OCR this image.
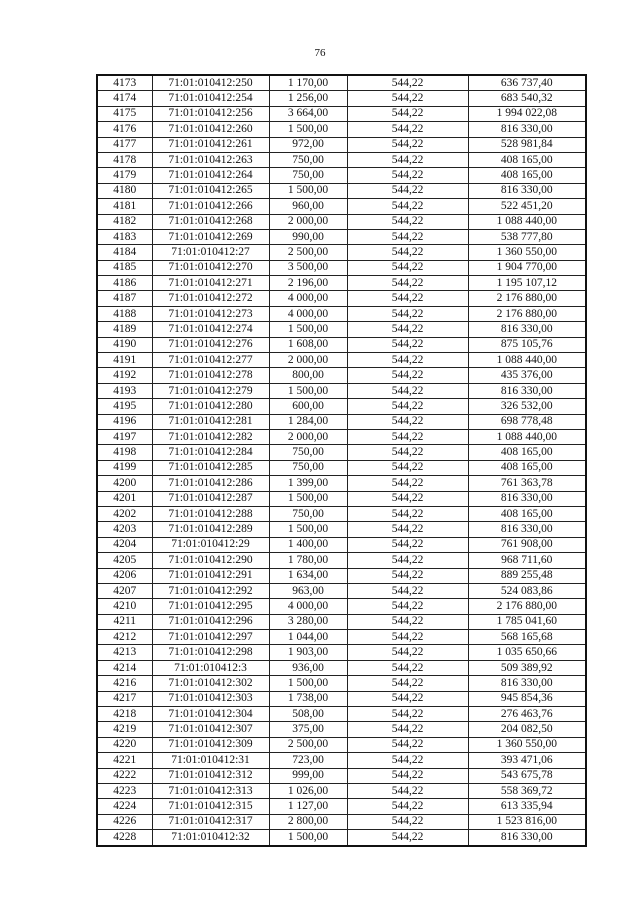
76
4173	71:01:010412:250	1 170,00	544,22	636 737,40
4174	71:01:010412:254	1 256,00	544,22	683 540,32
4175	71:01:010412:256	3 664,00	544,22	1 994 022,08
4176	71:01:010412:260	1 500,00	544,22	816 330,00
4177	71:01:010412:261	972,00	544,22	528 981,84
4178	71:01:010412:263	750,00	544,22	408 165,00
4179	71:01:010412:264	750,00	544,22	408 165,00
4180	71:01:010412:265	1 500,00	544,22	816 330,00
4181	71:01:010412:266	960,00	544,22	522 451,20
4182	71:01:010412:268	2 000,00	544,22	1 088 440,00
4183	71:01:010412:269	990,00	544,22	538 777,80
4184	71:01:010412:27	2 500,00	544,22	1 360 550,00
4185	71:01:010412:270	3 500,00	544,22	1 904 770,00
4186	71:01:010412:271	2 196,00	544,22	1 195 107,12
4187	71:01:010412:272	4 000,00	544,22	2 176 880,00
4188	71:01:010412:273	4 000,00	544,22	2 176 880,00
4189	71:01:010412:274	1 500,00	544,22	816 330,00
4190	71:01:010412:276	1 608,00	544,22	875 105,76
4191	71:01:010412:277	2 000,00	544,22	1 088 440,00
4192	71:01:010412:278	800,00	544,22	435 376,00
4193	71:01:010412:279	1 500,00	544,22	816 330,00
4195	71:01:010412:280	600,00	544,22	326 532,00
4196	71:01:010412:281	1 284,00	544,22	698 778,48
4197	71:01:010412:282	2 000,00	544,22	1 088 440,00
4198	71:01:010412:284	750,00	544,22	408 165,00
4199	71:01:010412:285	750,00	544,22	408 165,00
4200	71:01:010412:286	1 399,00	544,22	761 363,78
4201	71:01:010412:287	1 500,00	544,22	816 330,00
4202	71:01:010412:288	750,00	544,22	408 165,00
4203	71:01:010412:289	1 500,00	544,22	816 330,00
4204	71:01:010412:29	1 400,00	544,22	761 908,00
4205	71:01:010412:290	1 780,00	544,22	968 711,60
4206	71:01:010412:291	1 634,00	544,22	889 255,48
4207	71:01:010412:292	963,00	544,22	524 083,86
4210	71:01:010412:295	4 000,00	544,22	2 176 880,00
4211	71:01:010412:296	3 280,00	544,22	1 785 041,60
4212	71:01:010412:297	1 044,00	544,22	568 165,68
4213	71:01:010412:298	1 903,00	544,22	1 035 650,66
4214	71:01:010412:3	936,00	544,22	509 389,92
4216	71:01:010412:302	1 500,00	544,22	816 330,00
4217	71:01:010412:303	1 738,00	544,22	945 854,36
4218	71:01:010412:304	508,00	544,22	276 463,76
4219	71:01:010412:307	375,00	544,22	204 082,50
4220	71:01:010412:309	2 500,00	544,22	1 360 550,00
4221	71:01:010412:31	723,00	544,22	393 471,06
4222	71:01:010412:312	999,00	544,22	543 675,78
4223	71:01:010412:313	1 026,00	544,22	558 369,72
4224	71:01:010412:315	1 127,00	544,22	613 335,94
4226	71:01:010412:317	2 800,00	544,22	1 523 816,00
4228	71:01:010412:32	1 500,00	544,22	816 330,00
